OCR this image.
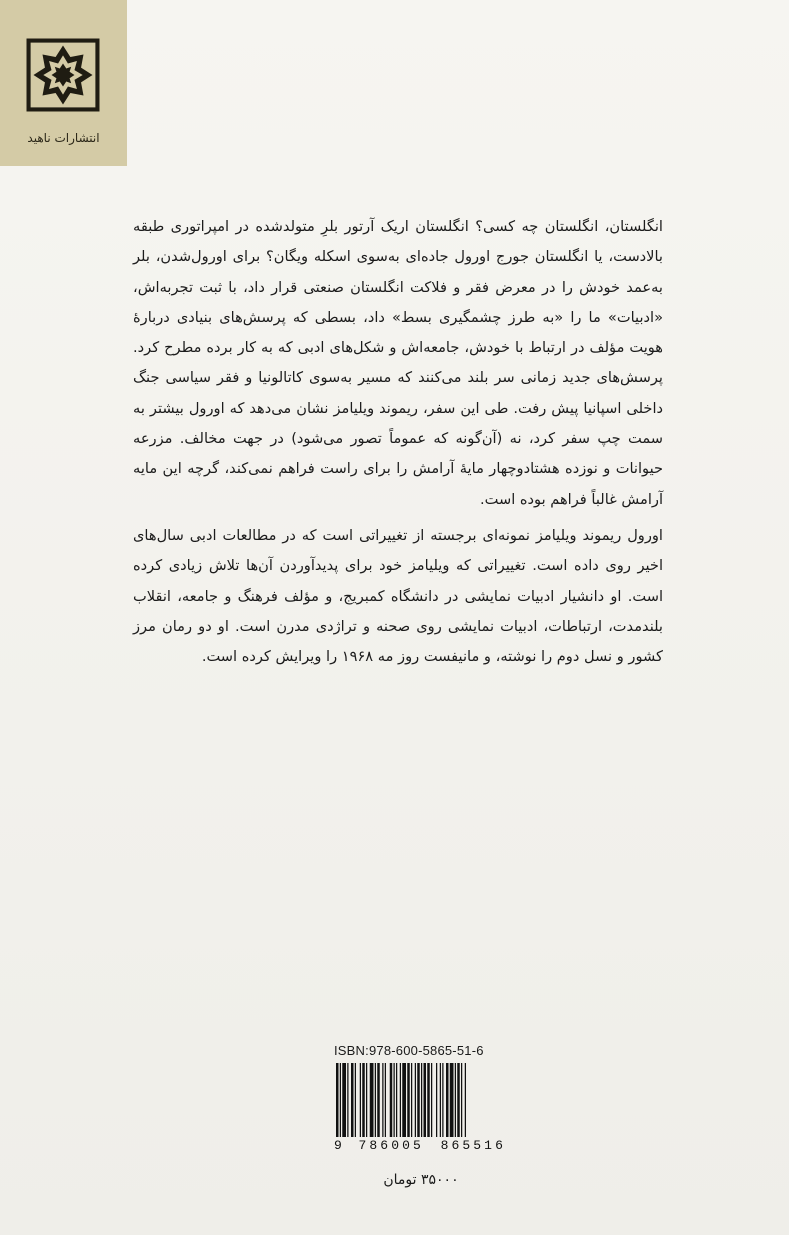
انتشارات ناهید

انگلستان، انگلستان چه کسی؟ انگلستان اریک آرتور بلرِ متولدشده در امپراتوری طبقه بالادست، یا انگلستان جورج اورول جاده‌ای به‌سوی اسکله ویگان؟ برای اورول‌شدن، بلر به‌عمد خودش را در معرض فقر و فلاکت انگلستان صنعتی قرار داد، با ثبت تجربه‌اش، «ادبیات» ما را «به طرز چشمگیری بسط» داد، بسطی که پرسش‌های بنیادی دربارهٔ هویت مؤلف در ارتباط با خودش، جامعه‌اش و شکل‌های ادبی که به کار برده مطرح کرد. پرسش‌های جدید زمانی سر بلند می‌کنند که مسیر به‌سوی کاتالونیا و فقر سیاسی جنگ داخلی اسپانیا پیش رفت. طی این سفر، ریموند ویلیامز نشان می‌دهد که اورول بیشتر به سمت چپ سفر کرد، نه (آن‌گونه که عموماً تصور می‌شود) در جهت مخالف. مزرعه حیوانات و نوزده هشتادوچهار مایهٔ آرامش را برای راست فراهم نمی‌کند، گرچه این مایه آرامش غالباً فراهم بوده است.

اورول ریموند ویلیامز نمونه‌ای برجسته از تغییراتی است که در مطالعات ادبی سال‌های اخیر روی داده است. تغییراتی که ویلیامز خود برای پدیدآوردن آن‌ها تلاش زیادی کرده است. او دانشیار ادبیات نمایشی در دانشگاه کمبریج، و مؤلف فرهنگ و جامعه، انقلاب بلندمدت، ارتباطات، ادبیات نمایشی روی صحنه و تراژدی مدرن است. او دو رمان مرز کشور و نسل دوم را نوشته، و مانیفست روز مه ۱۹۶۸ را ویرایش کرده است.

ISBN:978-600-5865-51-6
9 786005 865516
۳۵۰۰۰ تومان
